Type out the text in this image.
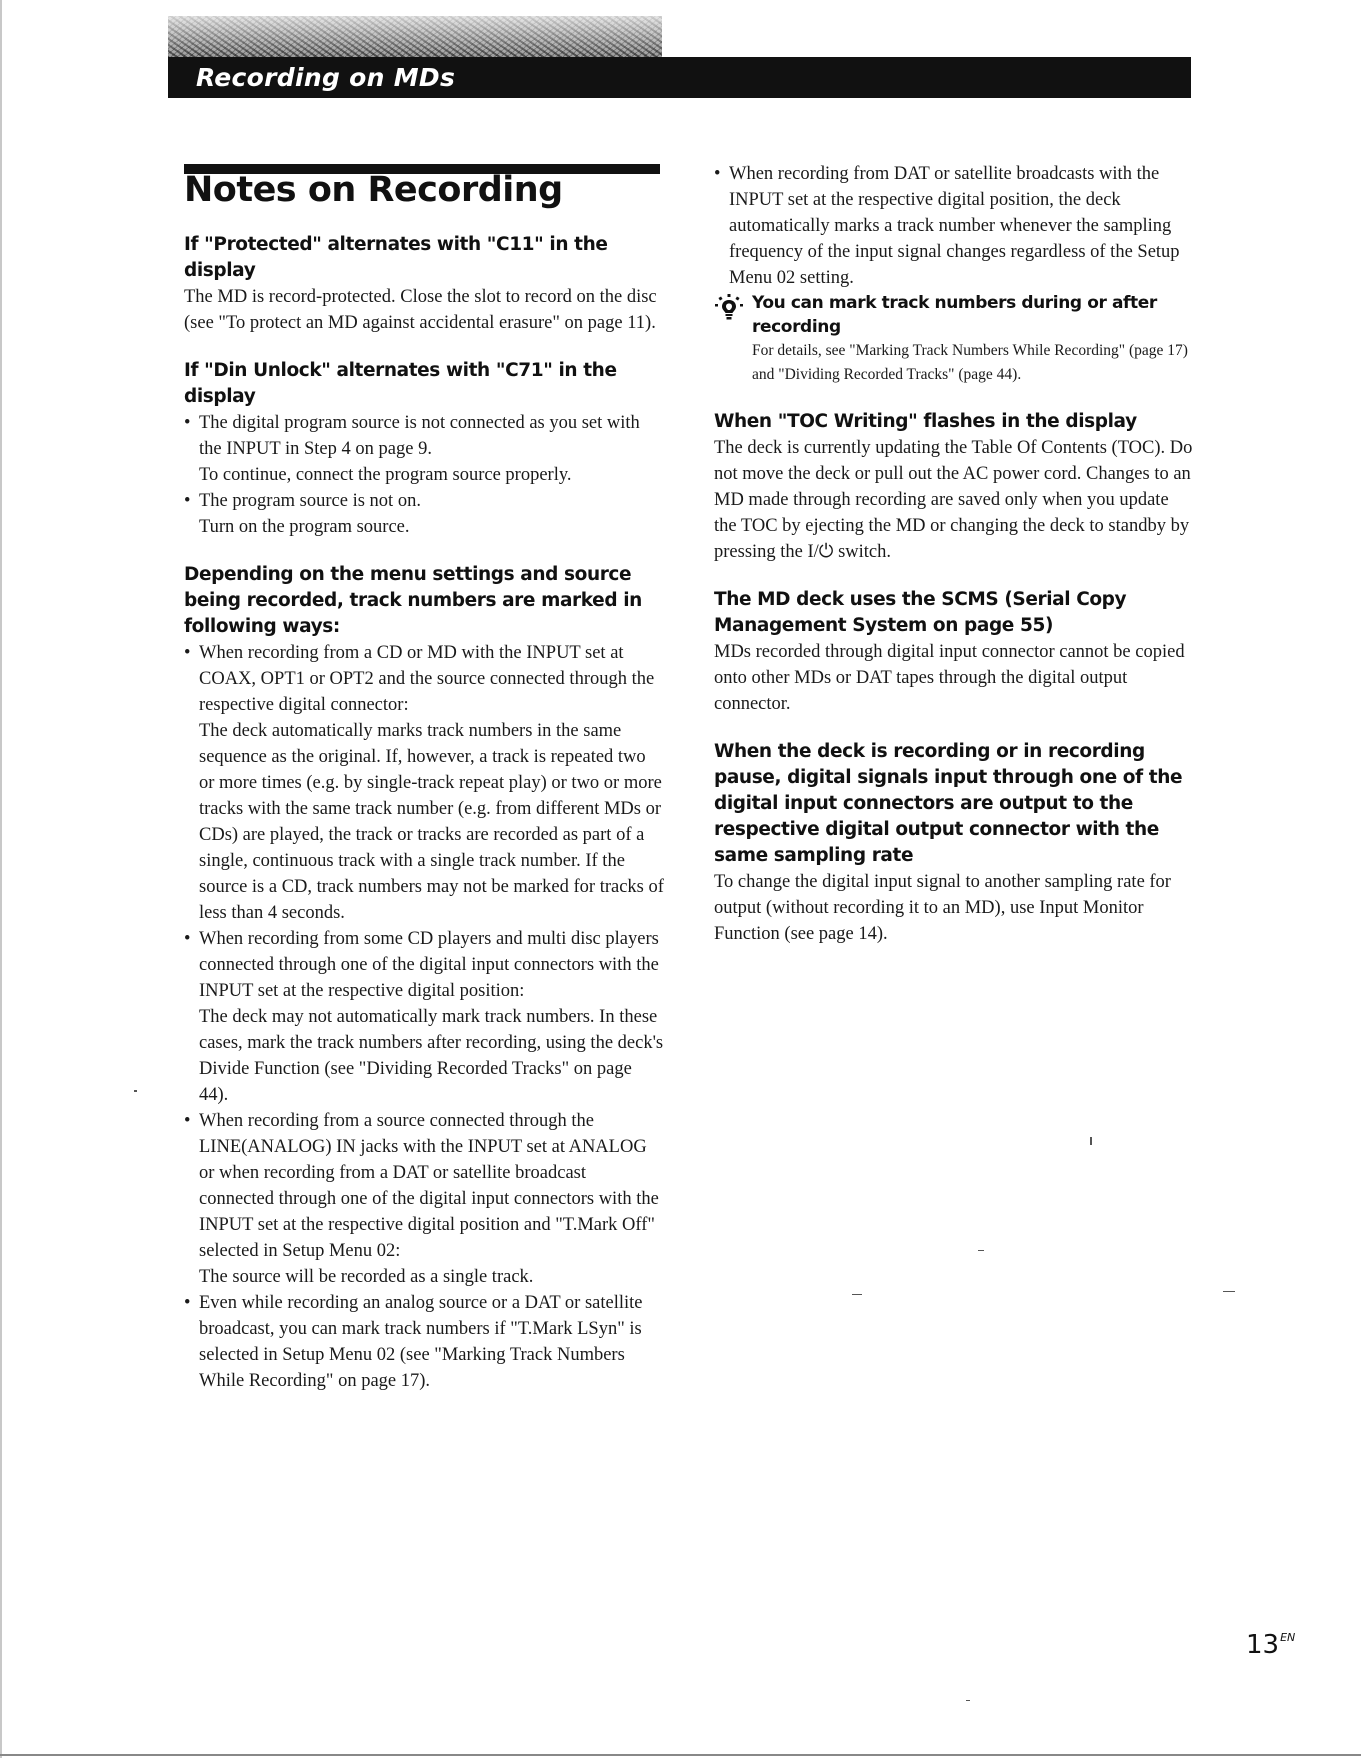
Recording on MDs
Notes on Recording
If "Protected" alternates with "C11" in the display

The MD is record-protected. Close the slot to record on the disc (see "To protect an MD against accidental erasure" on page 11).

If "Din Unlock" alternates with "C71" in the display
• The digital program source is not connected as you set with the INPUT in Step 4 on page 9.
To continue, connect the program source properly.
• The program source is not on.
Turn on the program source.
Depending on the menu settings and source being recorded, track numbers are marked in following ways:
• When recording from a CD or MD with the INPUT set at COAX, OPT1 or OPT2 and the source connected through the respective digital connector:
The deck automatically marks track numbers in the same sequence as the original. If, however, a track is repeated two or more times (e.g. by single-track repeat play) or two or more tracks with the same track number (e.g. from different MDs or CDs) are played, the track or tracks are recorded as part of a single, continuous track with a single track number. If the source is a CD, track numbers may not be marked for tracks of less than 4 seconds.
• When recording from some CD players and multi disc players connected through one of the digital input connectors with the INPUT set at the respective digital position:
The deck may not automatically mark track numbers. In these cases, mark the track numbers after recording, using the deck's Divide Function (see "Dividing Recorded Tracks" on page 44).
• When recording from a source connected through the LINE(ANALOG) IN jacks with the INPUT set at ANALOG or when recording from a DAT or satellite broadcast connected through one of the digital input connectors with the INPUT set at the respective digital position and "T.Mark Off" selected in Setup Menu 02:
The source will be recorded as a single track.
• Even while recording an analog source or a DAT or satellite broadcast, you can mark track numbers if "T.Mark LSyn" is selected in Setup Menu 02 (see "Marking Track Numbers While Recording" on page 17).
• When recording from DAT or satellite broadcasts with the INPUT set at the respective digital position, the deck automatically marks a track number whenever the sampling frequency of the input signal changes regardless of the Setup Menu 02 setting.
You can mark track numbers during or after recording

For details, see "Marking Track Numbers While Recording" (page 17) and "Dividing Recorded Tracks" (page 44).

When "TOC Writing" flashes in the display

The deck is currently updating the Table Of Contents (TOC). Do not move the deck or pull out the AC power cord. Changes to an MD made through recording are saved only when you update the TOC by ejecting the MD or changing the deck to standby by pressing the I/⏻ switch.

The MD deck uses the SCMS (Serial Copy Management System on page 55)

MDs recorded through digital input connector cannot be copied onto other MDs or DAT tapes through the digital output connector.

When the deck is recording or in recording pause, digital signals input through one of the digital input connectors are output to the respective digital output connector with the same sampling rate

To change the digital input signal to another sampling rate for output (without recording it to an MD), use Input Monitor Function (see page 14).

$13^{EN}$
